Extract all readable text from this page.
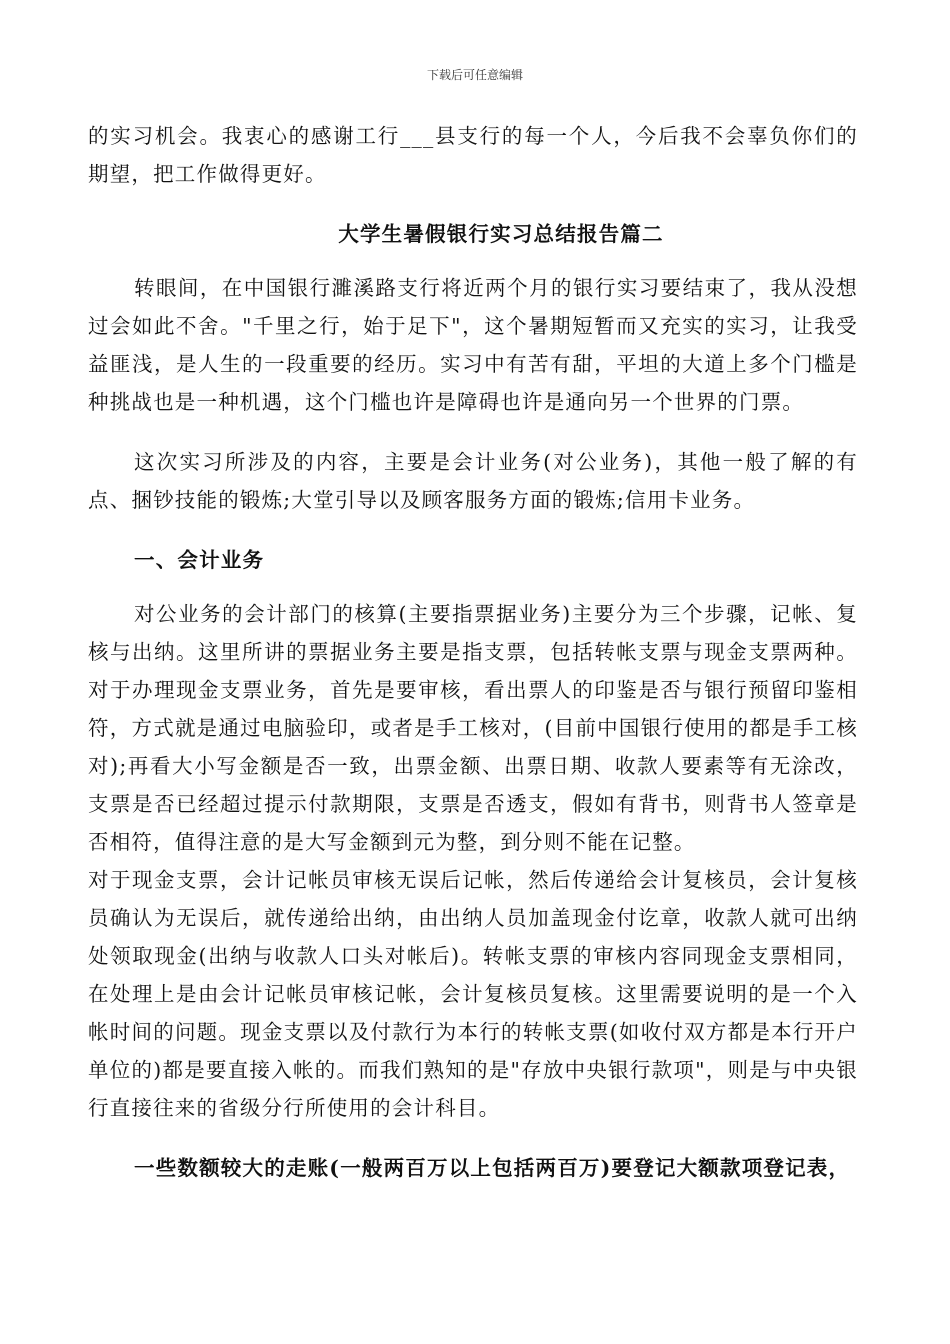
下载后可任意编辑

的实习机会。我衷心的感谢工行___县支行的每一个人，今后我不会辜负你们的期望，把工作做得更好。

大学生暑假银行实习总结报告篇二

转眼间，在中国银行濉溪路支行将近两个月的银行实习要结束了，我从没想过会如此不舍。"千里之行，始于足下"，这个暑期短暂而又充实的实习，让我受益匪浅，是人生的一段重要的经历。实习中有苦有甜，平坦的大道上多个门槛是种挑战也是一种机遇，这个门槛也许是障碍也许是通向另一个世界的门票。

这次实习所涉及的内容，主要是会计业务(对公业务)，其他一般了解的有点、捆钞技能的锻炼;大堂引导以及顾客服务方面的锻炼;信用卡业务。

一、会计业务

对公业务的会计部门的核算(主要指票据业务)主要分为三个步骤，记帐、复核与出纳。这里所讲的票据业务主要是指支票，包括转帐支票与现金支票两种。对于办理现金支票业务，首先是要审核，看出票人的印鉴是否与银行预留印鉴相符，方式就是通过电脑验印，或者是手工核对，(目前中国银行使用的都是手工核对);再看大小写金额是否一致，出票金额、出票日期、收款人要素等有无涂改，支票是否已经超过提示付款期限，支票是否透支，假如有背书，则背书人签章是否相符，值得注意的是大写金额到元为整，到分则不能在记整。

对于现金支票，会计记帐员审核无误后记帐，然后传递给会计复核员，会计复核员确认为无误后，就传递给出纳，由出纳人员加盖现金付讫章，收款人就可出纳处领取现金(出纳与收款人口头对帐后)。转帐支票的审核内容同现金支票相同，在处理上是由会计记帐员审核记帐，会计复核员复核。这里需要说明的是一个入帐时间的问题。现金支票以及付款行为本行的转帐支票(如收付双方都是本行开户单位的)都是要直接入帐的。而我们熟知的是"存放中央银行款项"，则是与中央银行直接往来的省级分行所使用的会计科目。

一些数额较大的走账(一般两百万以上包括两百万)要登记大额款项登记表，
